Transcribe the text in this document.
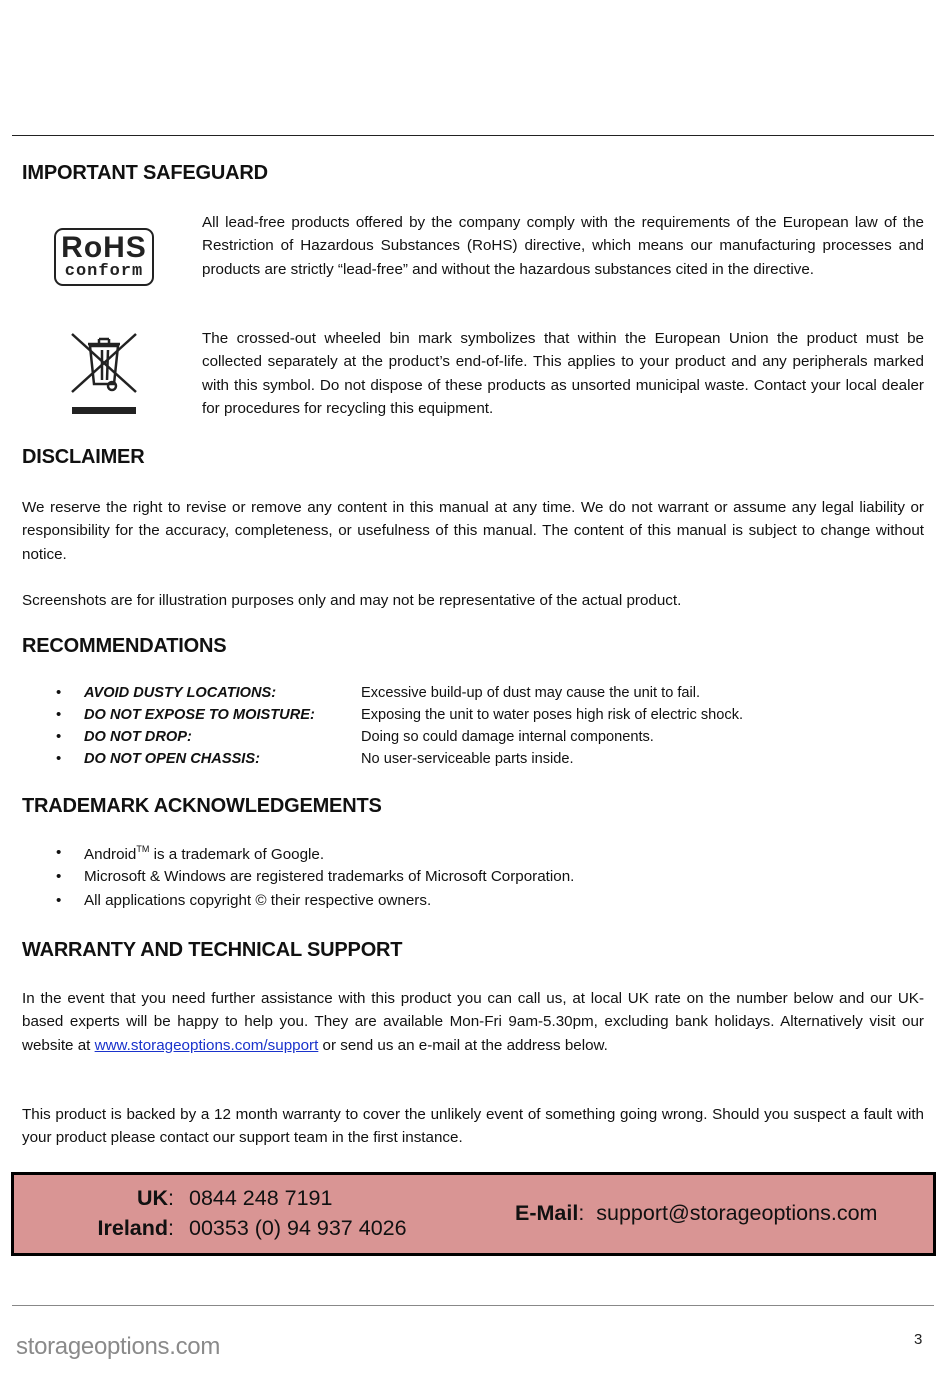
IMPORTANT SAFEGUARD
RoHS
conform
All lead-free products offered by the company comply with the requirements of the European law of the Restriction of Hazardous Substances (RoHS) directive, which means our manufacturing processes and products are strictly “lead-free” and without the hazardous substances cited in the directive.
The crossed-out wheeled bin mark symbolizes that within the European Union the product must be collected separately at the product’s end-of-life. This applies to your product and any peripherals marked with this symbol. Do not dispose of these products as unsorted municipal waste. Contact your local dealer for procedures for recycling this equipment.
DISCLAIMER
We reserve the right to revise or remove any content in this manual at any time. We do not warrant or assume any legal liability or responsibility for the accuracy, completeness, or usefulness of this manual. The content of this manual is subject to change without notice.
Screenshots are for illustration purposes only and may not be representative of the actual product.
RECOMMENDATIONS
• AVOID DUSTY LOCATIONS:	Excessive build-up of dust may cause the unit to fail.
• DO NOT EXPOSE TO MOISTURE:	Exposing the unit to water poses high risk of electric shock.
• DO NOT DROP:	Doing so could damage internal components.
• DO NOT OPEN CHASSIS:	No user-serviceable parts inside.
TRADEMARK ACKNOWLEDGEMENTS
• Android™ is a trademark of Google.
• Microsoft & Windows are registered trademarks of Microsoft Corporation.
• All applications copyright © their respective owners.
WARRANTY AND TECHNICAL SUPPORT
In the event that you need further assistance with this product you can call us, at local UK rate on the number below and our UK-based experts will be happy to help you. They are available Mon-Fri 9am-5.30pm, excluding bank holidays. Alternatively visit our website at www.storageoptions.com/support or send us an e-mail at the address below.
This product is backed by a 12 month warranty to cover the unlikely event of something going wrong. Should you suspect a fault with your product please contact our support team in the first instance.
UK: 0844 248 7191
Ireland: 00353 (0) 94 937 4026
E-Mail: support@storageoptions.com
storageoptions.com	3
